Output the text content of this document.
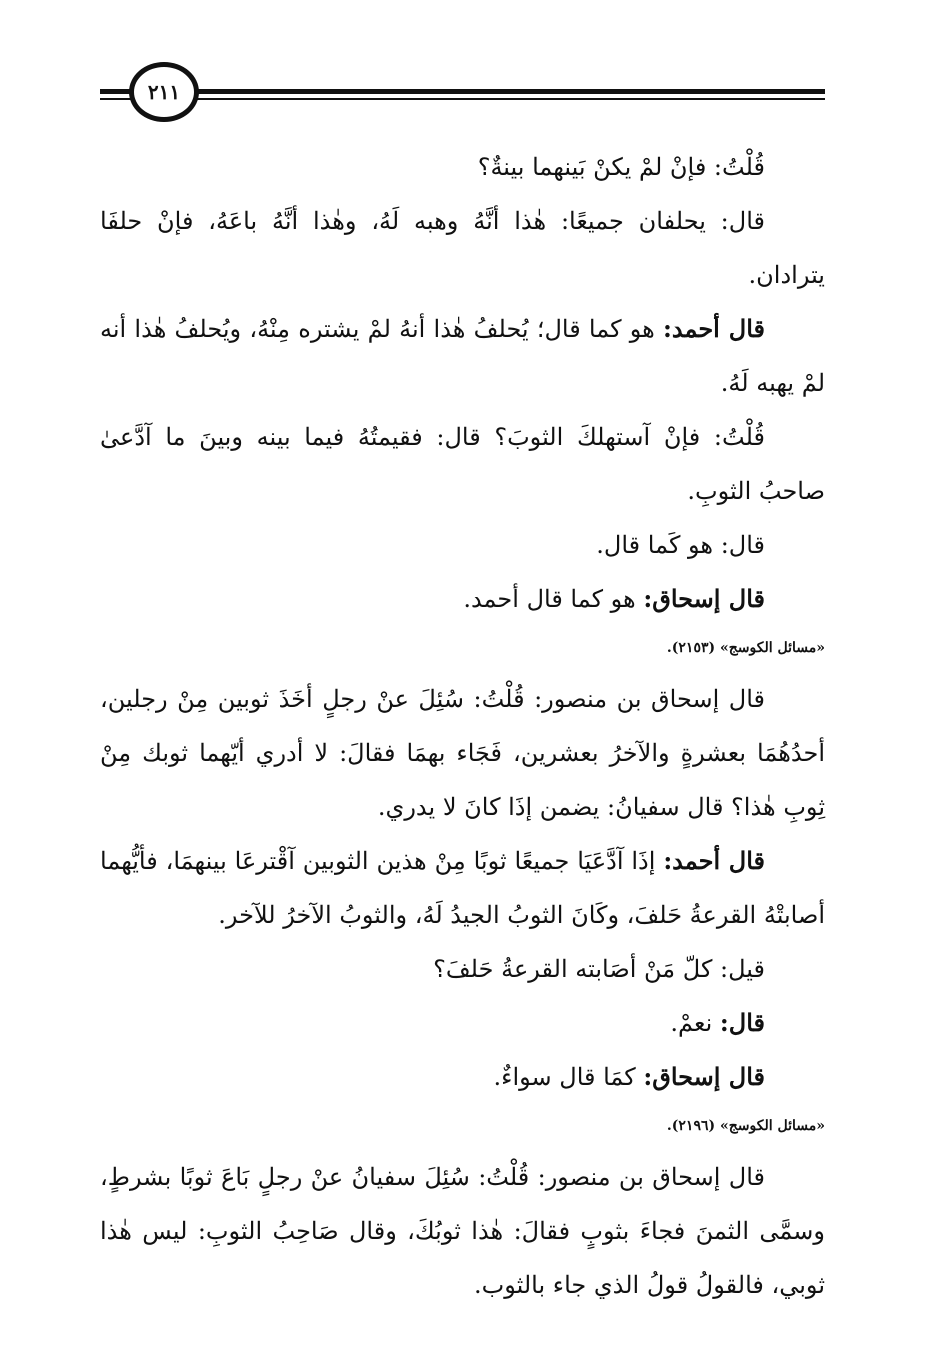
٢١١

قُلْتُ: فإنْ لمْ يكنْ بَينهما بينةٌ؟

قال: يحلفان جميعًا: هٰذا أنَّهُ وهبه لَهُ، وهٰذا أنَّهُ باعَهُ، فإنْ حلفَا يترادان.

قال أحمد: هو كما قال؛ يُحلفُ هٰذا أنهُ لمْ يشتره مِنْهُ، ويُحلفُ هٰذا أنه لمْ يهبه لَهُ.

قُلْتُ: فإنْ آستهلكَ الثوبَ؟ قال: فقيمتُهُ فيما بينه وبينَ ما آدَّعىٰ صاحبُ الثوبِ.

قال: هو كَما قال.

قال إسحاق: هو كما قال أحمد.

«مسائل الكوسج» (٢١٥٣).

قال إسحاق بن منصور: قُلْتُ: سُئِلَ عنْ رجلٍ أخَذَ ثوبين مِنْ رجلين، أحدُهُمَا بعشرةٍ والآخرُ بعشرين، فَجَاء بهمَا فقالَ: لا أدري أيّهما ثوبك مِنْ ثِوبِ هٰذا؟ قال سفيانُ: يضمن إذَا كانَ لا يدري.

قال أحمد: إذَا آدَّعَيَا جميعًا ثوبًا مِنْ هذين الثوبين آقْترعَا بينهمَا، فأيُّهما أصابتْهُ القرعةُ حَلفَ، وكَانَ الثوبُ الجيدُ لَهُ، والثوبُ الآخرُ للآخر.

قيل: كلّ مَنْ أصَابته القرعةُ حَلفَ؟

قال: نعمْ.

قال إسحاق: كمَا قال سواءٌ.

«مسائل الكوسج» (٢١٩٦).

قال إسحاق بن منصور: قُلْتُ: سُئِلَ سفيانُ عنْ رجلٍ بَاعَ ثوبًا بشرطٍ، وسمَّى الثمنَ فجاءَ بثوبٍ فقالَ: هٰذا ثوبُكَ، وقال صَاحِبُ الثوبِ: ليس هٰذا ثوبي، فالقولُ قولُ الذي جاء بالثوب.
